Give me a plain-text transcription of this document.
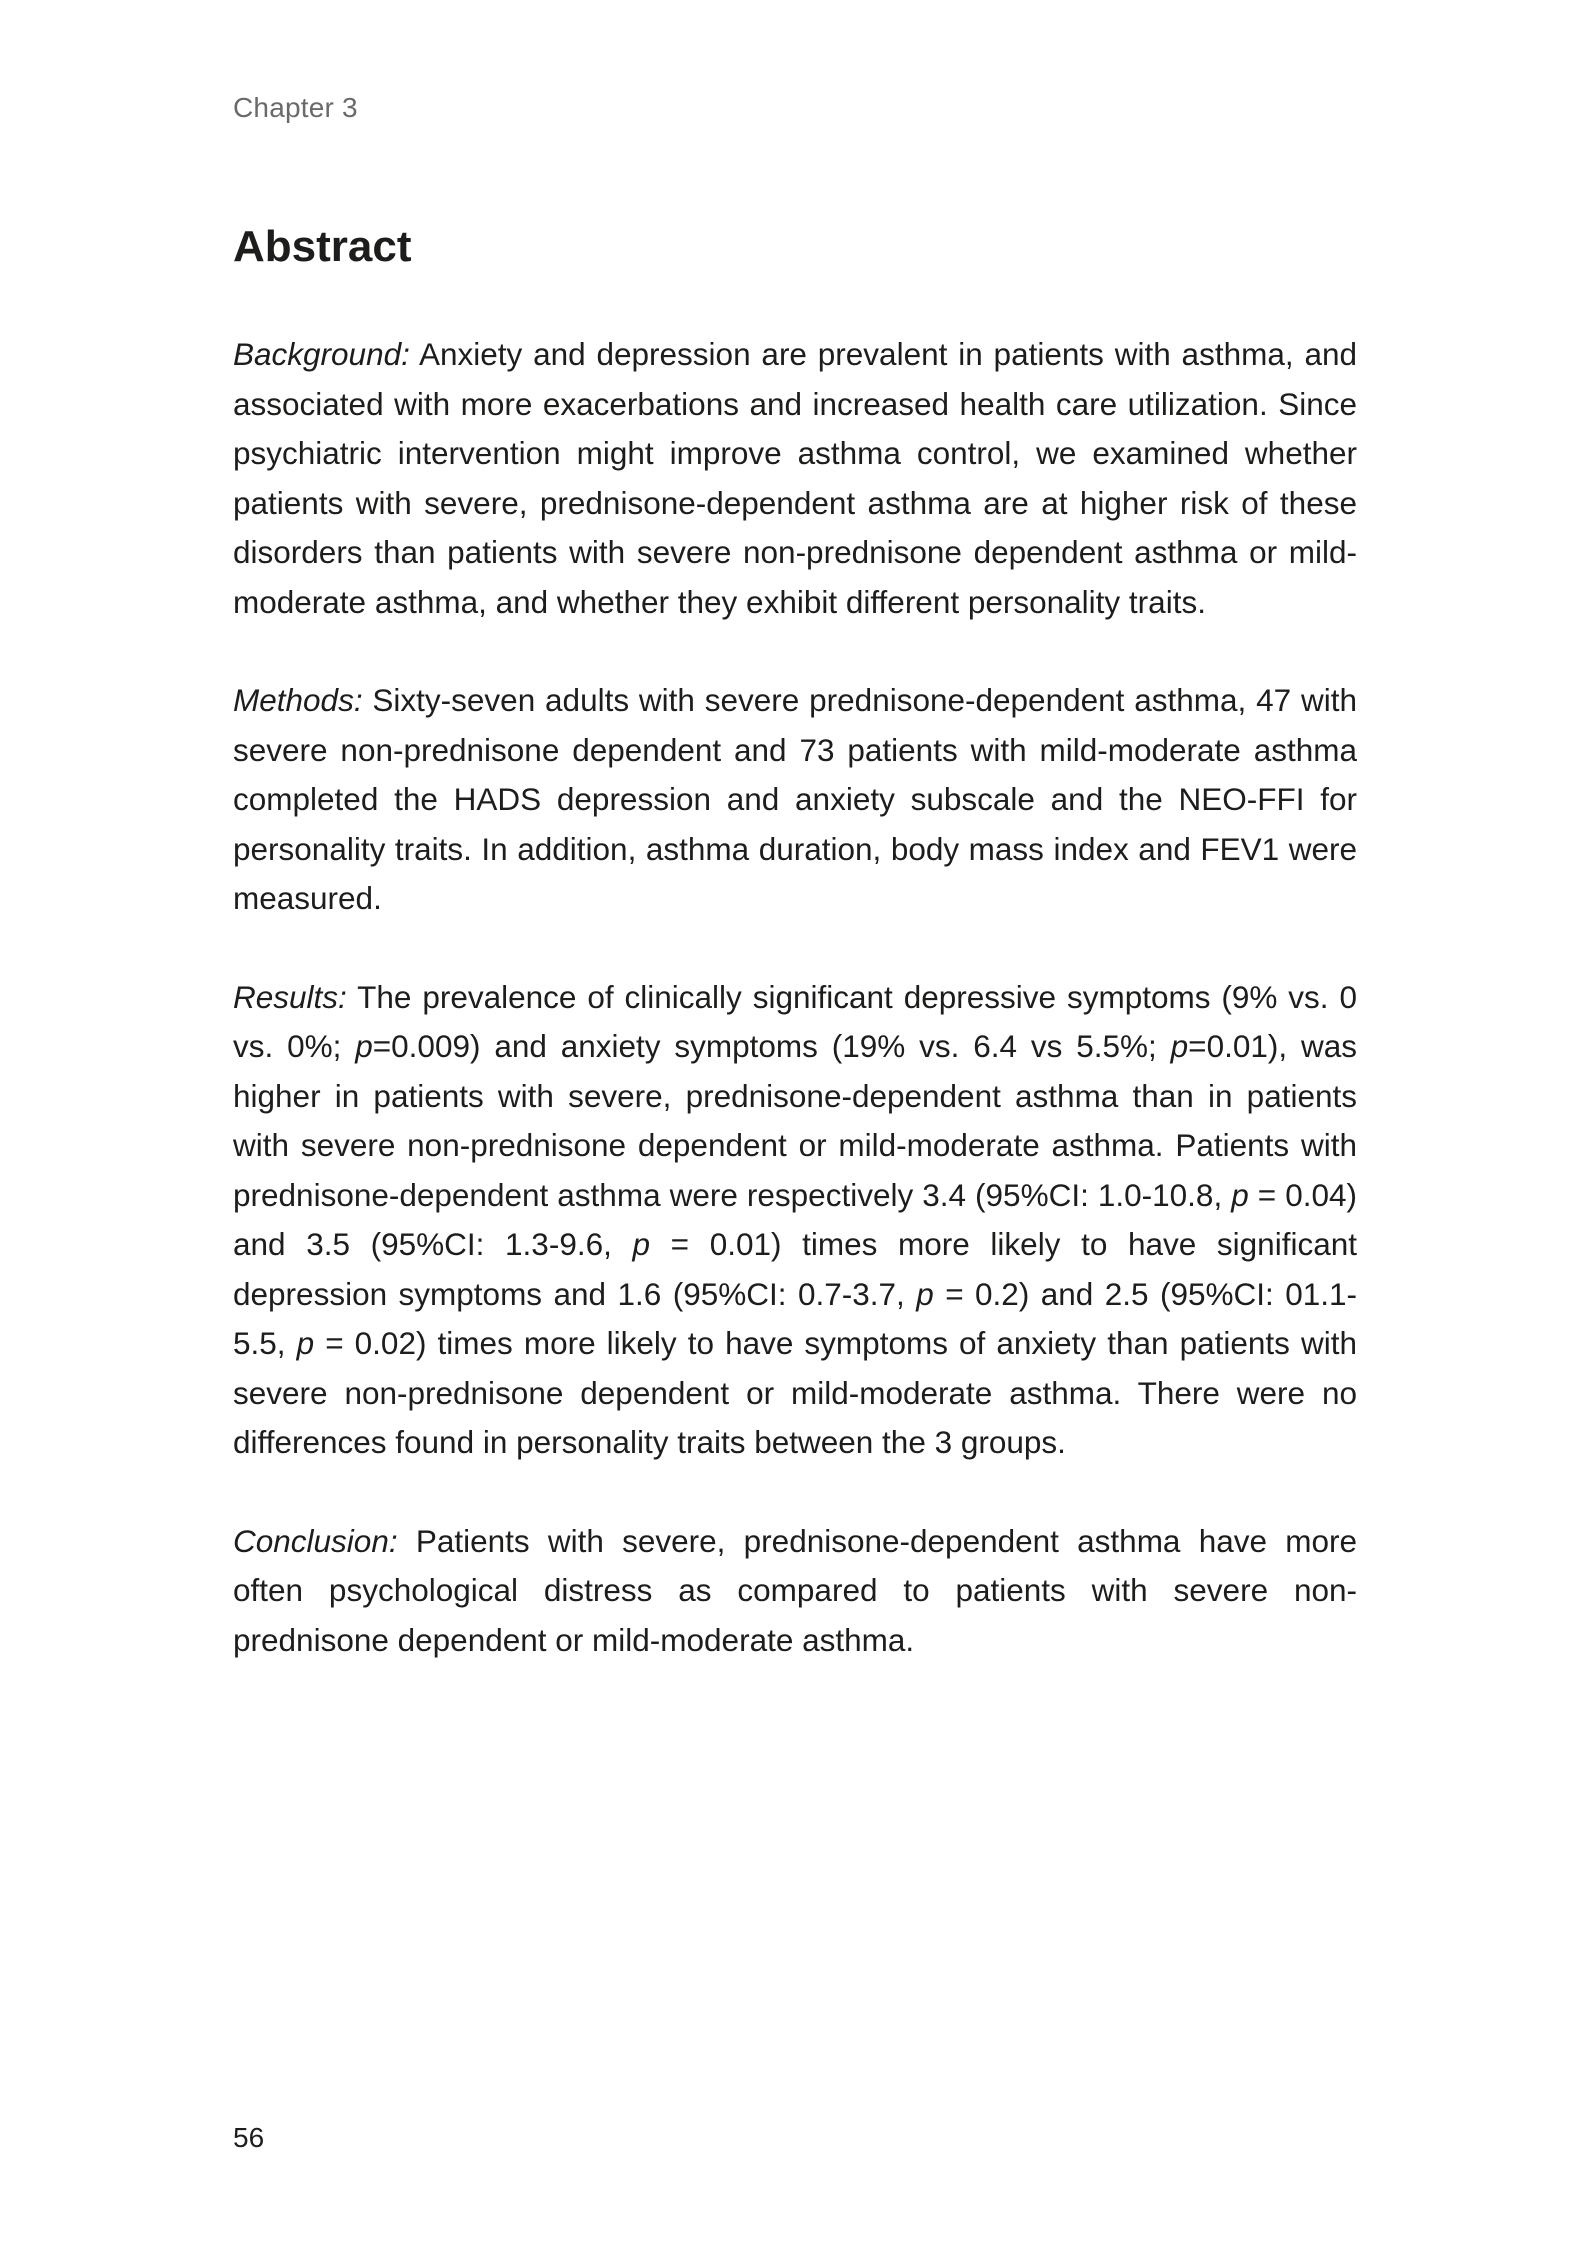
Chapter 3
Abstract

Background: Anxiety and depression are prevalent in patients with asthma, and associated with more exacerbations and increased health care utilization. Since psychiatric intervention might improve asthma control, we examined whether patients with severe, prednisone-dependent asthma are at higher risk of these disorders than patients with severe non-prednisone dependent asthma or mild-moderate asthma, and whether they exhibit different personality traits.

Methods: Sixty-seven adults with severe prednisone-dependent asthma, 47 with severe non-prednisone dependent and 73 patients with mild-moderate asthma completed the HADS depression and anxiety subscale and the NEO-FFI for personality traits. In addition, asthma duration, body mass index and FEV1 were measured.

Results: The prevalence of clinically significant depressive symptoms (9% vs. 0 vs. 0%; p=0.009) and anxiety symptoms (19% vs. 6.4 vs 5.5%; p=0.01), was higher in patients with severe, prednisone-dependent asthma than in patients with severe non-prednisone dependent or mild-moderate asthma. Patients with prednisone-dependent asthma were respectively 3.4 (95%CI: 1.0-10.8, p = 0.04) and 3.5 (95%CI: 1.3-9.6, p = 0.01) times more likely to have significant depression symptoms and 1.6 (95%CI: 0.7-3.7, p = 0.2) and 2.5 (95%CI: 01.1-5.5, p = 0.02) times more likely to have symptoms of anxiety than patients with severe non-prednisone dependent or mild-moderate asthma. There were no differences found in personality traits between the 3 groups.

Conclusion: Patients with severe, prednisone-dependent asthma have more often psychological distress as compared to patients with severe non-prednisone dependent or mild-moderate asthma.

56
